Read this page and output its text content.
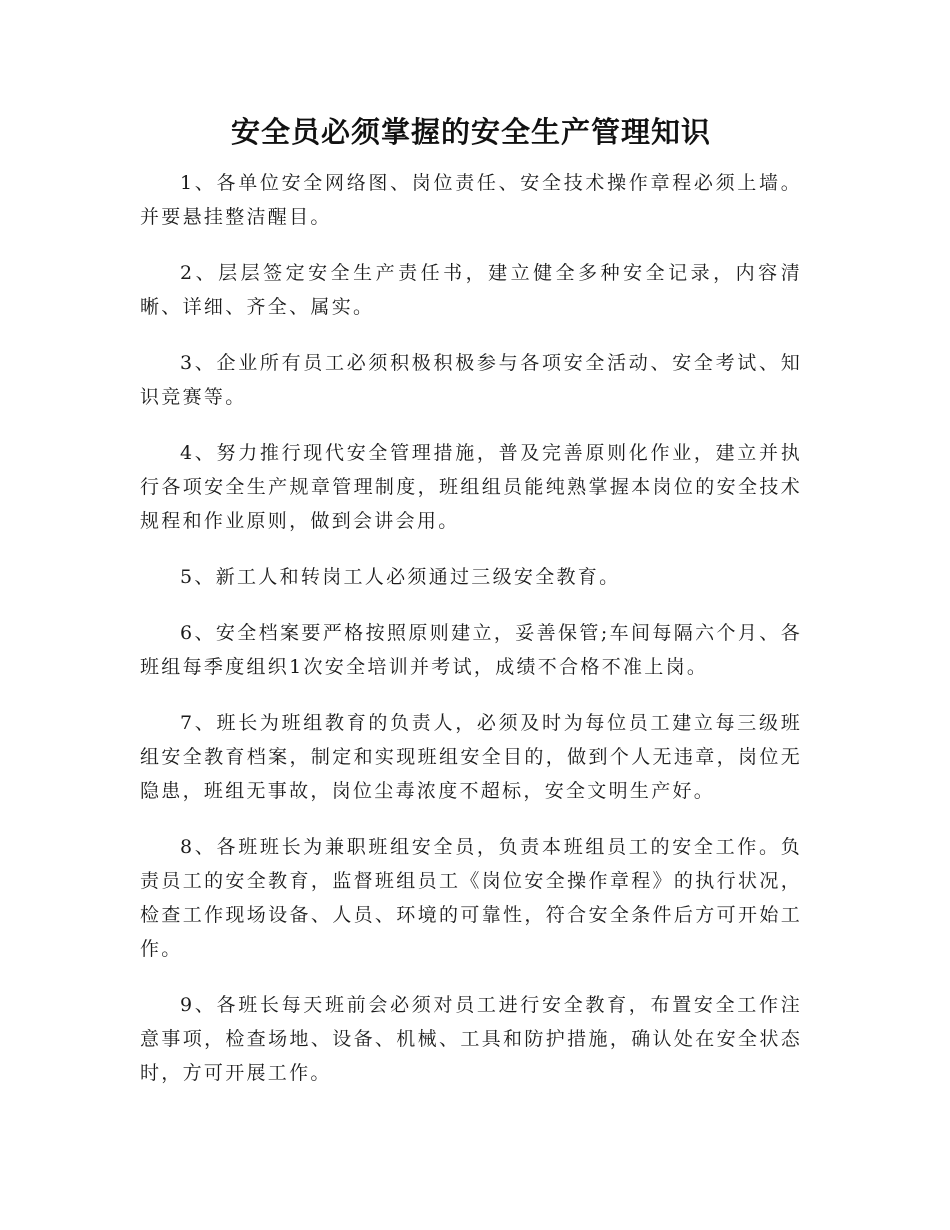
安全员必须掌握的安全生产管理知识

1、各单位安全网络图、岗位责任、安全技术操作章程必须上墙。并要悬挂整洁醒目。

2、层层签定安全生产责任书，建立健全多种安全记录，内容清晰、详细、齐全、属实。

3、企业所有员工必须积极积极参与各项安全活动、安全考试、知识竞赛等。

4、努力推行现代安全管理措施，普及完善原则化作业，建立并执行各项安全生产规章管理制度，班组组员能纯熟掌握本岗位的安全技术规程和作业原则，做到会讲会用。

5、新工人和转岗工人必须通过三级安全教育。

6、安全档案要严格按照原则建立，妥善保管;车间每隔六个月、各班组每季度组织1次安全培训并考试，成绩不合格不准上岗。

7、班长为班组教育的负责人，必须及时为每位员工建立每三级班组安全教育档案，制定和实现班组安全目的，做到个人无违章，岗位无隐患，班组无事故，岗位尘毒浓度不超标，安全文明生产好。

8、各班班长为兼职班组安全员，负责本班组员工的安全工作。负责员工的安全教育，监督班组员工《岗位安全操作章程》的执行状况，检查工作现场设备、人员、环境的可靠性，符合安全条件后方可开始工作。

9、各班长每天班前会必须对员工进行安全教育，布置安全工作注意事项，检查场地、设备、机械、工具和防护措施，确认处在安全状态时，方可开展工作。
